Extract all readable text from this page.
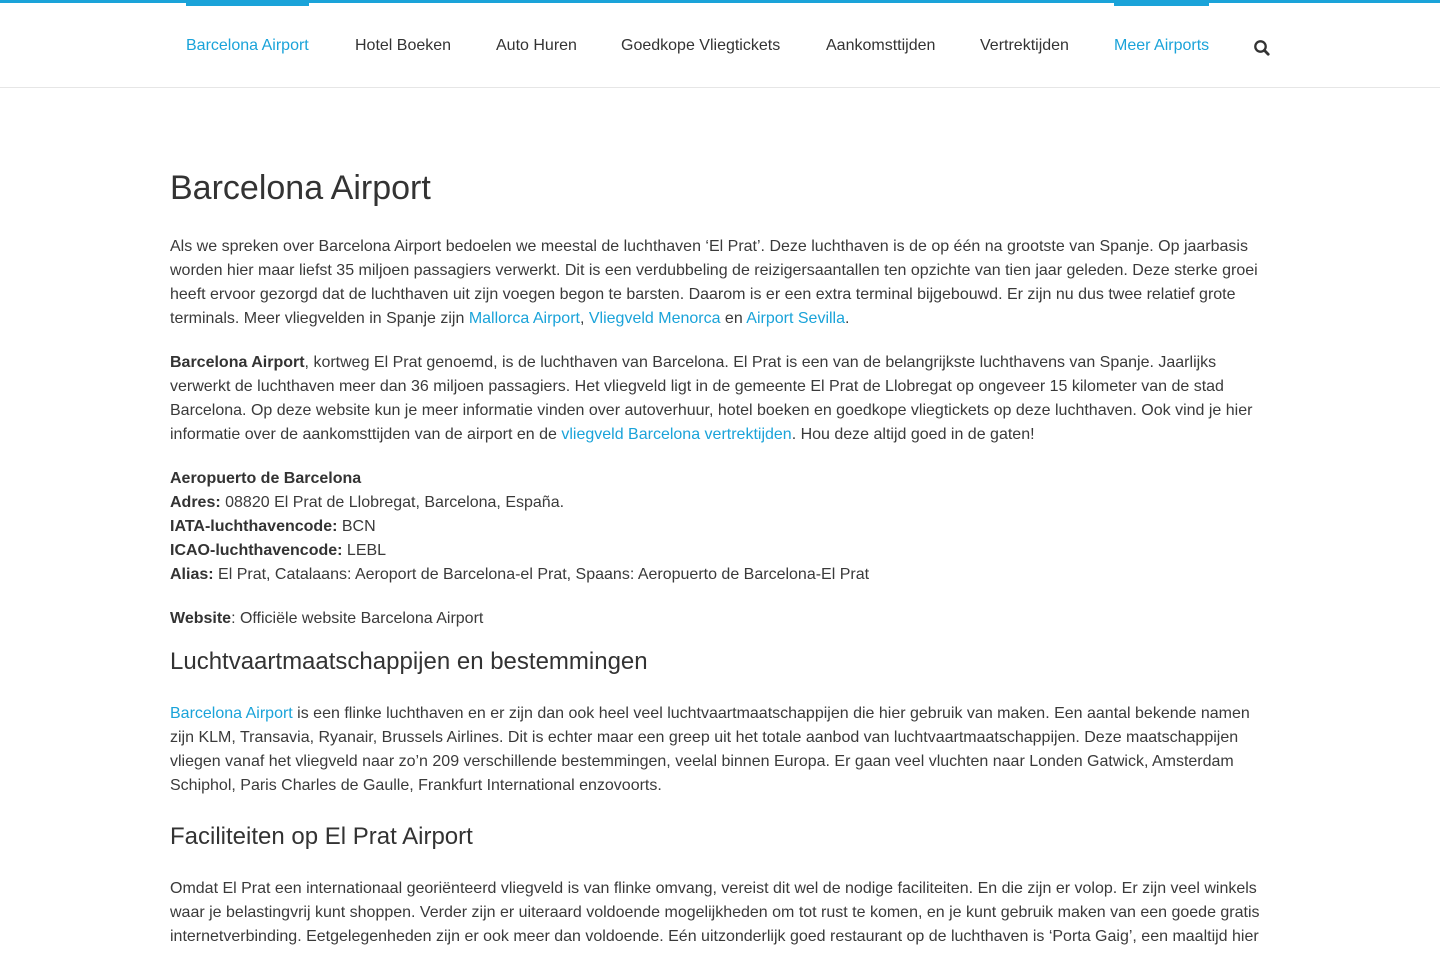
Barcelona Airport	Hotel Boeken	Auto Huren	Goedkope Vliegtickets	Aankomsttijden	Vertrektijden	Meer Airports
Barcelona Airport

Als we spreken over Barcelona Airport bedoelen we meestal de luchthaven ‘El Prat’. Deze luchthaven is de op één na grootste van Spanje. Op jaarbasis worden hier maar liefst 35 miljoen passagiers verwerkt. Dit is een verdubbeling de reizigersaantallen ten opzichte van tien jaar geleden. Deze sterke groei heeft ervoor gezorgd dat de luchthaven uit zijn voegen begon te barsten. Daarom is er een extra terminal bijgebouwd. Er zijn nu dus twee relatief grote terminals. Meer vliegvelden in Spanje zijn Mallorca Airport, Vliegveld Menorca en Airport Sevilla.

Barcelona Airport, kortweg El Prat genoemd, is de luchthaven van Barcelona. El Prat is een van de belangrijkste luchthavens van Spanje. Jaarlijks verwerkt de luchthaven meer dan 36 miljoen passagiers. Het vliegveld ligt in de gemeente El Prat de Llobregat op ongeveer 15 kilometer van de stad Barcelona. Op deze website kun je meer informatie vinden over autoverhuur, hotel boeken en goedkope vliegtickets op deze luchthaven. Ook vind je hier informatie over de aankomsttijden van de airport en de vliegveld Barcelona vertrektijden. Hou deze altijd goed in de gaten!

Aeropuerto de Barcelona
Adres: 08820 El Prat de Llobregat, Barcelona, España.
IATA-luchthavencode: BCN
ICAO-luchthavencode: LEBL
Alias: El Prat, Catalaans: Aeroport de Barcelona-el Prat, Spaans: Aeropuerto de Barcelona-El Prat

Website: Officiële website Barcelona Airport

Luchtvaartmaatschappijen en bestemmingen

Barcelona Airport is een flinke luchthaven en er zijn dan ook heel veel luchtvaartmaatschappijen die hier gebruik van maken. Een aantal bekende namen zijn KLM, Transavia, Ryanair, Brussels Airlines. Dit is echter maar een greep uit het totale aanbod van luchtvaartmaatschappijen. Deze maatschappijen vliegen vanaf het vliegveld naar zo’n 209 verschillende bestemmingen, veelal binnen Europa. Er gaan veel vluchten naar Londen Gatwick, Amsterdam Schiphol, Paris Charles de Gaulle, Frankfurt International enzovoorts.

Faciliteiten op El Prat Airport

Omdat El Prat een internationaal georiënteerd vliegveld is van flinke omvang, vereist dit wel de nodige faciliteiten. En die zijn er volop. Er zijn veel winkels waar je belastingvrij kunt shoppen. Verder zijn er uiteraard voldoende mogelijkheden om tot rust te komen, en je kunt gebruik maken van een goede gratis internetverbinding. Eetgelegenheden zijn er ook meer dan voldoende. Eén uitzonderlijk goed restaurant op de luchthaven is ‘Porta Gaig’, een maaltijd hier
